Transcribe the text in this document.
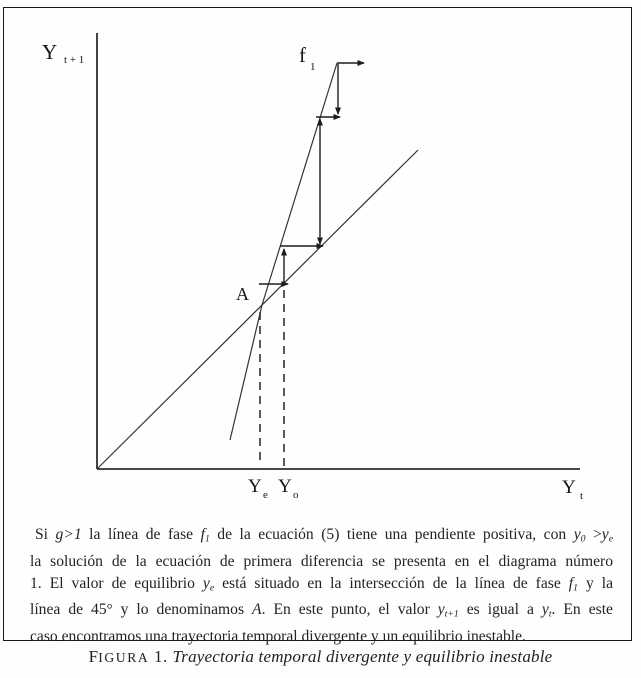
Y t + 1	f 1
A
Y e Y o	Y t
Si g>1 la línea de fase $f_1$ de la ecuación (5) tiene una pendiente positiva, con $y_0 >y_e$
la solución de la ecuación de primera diferencia se presenta en el diagrama número
1. El valor de equilibrio $y_e$ está situado en la intersección de la línea de fase $f_1$ y la
línea de 45° y lo denominamos A. En este punto, el valor $y_{t+1}$ es igual a $y_t$. En este
caso encontramos una trayectoria temporal divergente y un equilibrio inestable.
FIGURA 1. Trayectoria temporal divergente y equilibrio inestable
